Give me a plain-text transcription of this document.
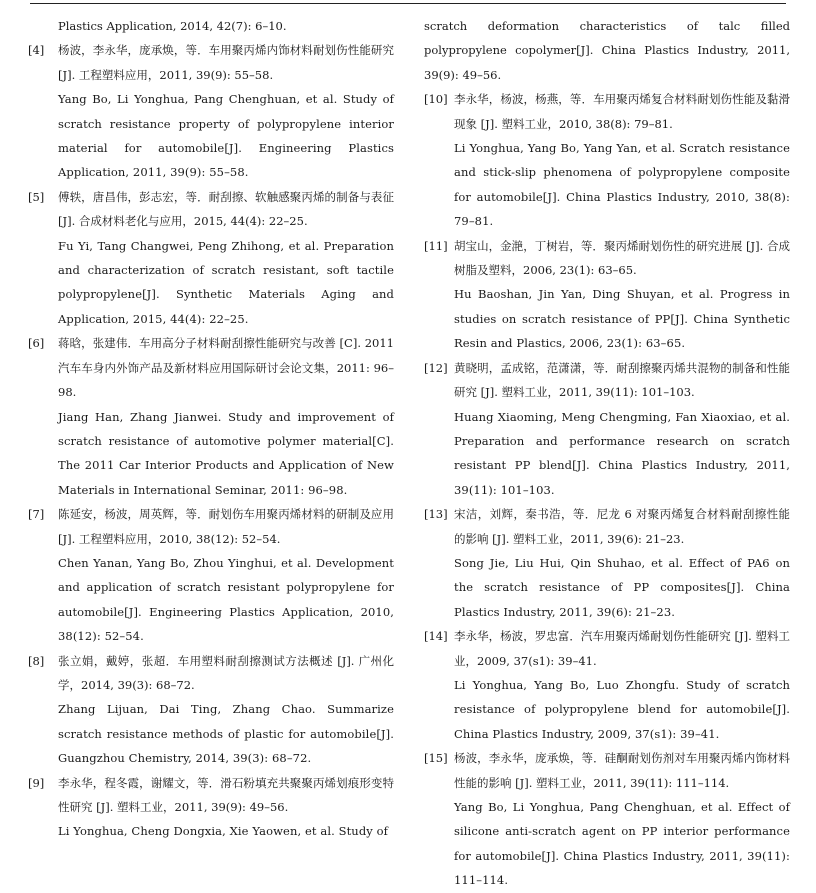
Plastics Application, 2014, 42(7): 6–10.

[4]	杨波，李永华，庞承焕，等．车用聚丙烯内饰材料耐划伤性能研究 [J]. 工程塑料应用，2011, 39(9): 55–58.
Yang Bo, Li Yonghua, Pang Chenghuan, et al. Study of scratch resistance property of polypropylene interior material for automobile[J]. Engineering Plastics Application, 2011, 39(9): 55–58.
[5]	傅轶，唐昌伟，彭志宏，等．耐刮擦、软触感聚丙烯的制备与表征 [J]. 合成材料老化与应用，2015, 44(4): 22–25.
Fu Yi, Tang Changwei, Peng Zhihong, et al. Preparation and characterization of scratch resistant, soft tactile polypropylene[J]. Synthetic Materials Aging and Application, 2015, 44(4): 22–25.
[6]	蒋晗，张建伟．车用高分子材料耐刮擦性能研究与改善 [C]. 2011 汽车车身内外饰产品及新材料应用国际研讨会论文集，2011: 96–98.
Jiang Han, Zhang Jianwei. Study and improvement of scratch resistance of automotive polymer material[C]. The 2011 Car Interior Products and Application of New Materials in International Seminar, 2011: 96–98.
[7]	陈延安，杨波，周英辉，等．耐划伤车用聚丙烯材料的研制及应用 [J]. 工程塑料应用，2010, 38(12): 52–54.
Chen Yanan, Yang Bo, Zhou Yinghui, et al. Development and application of scratch resistant polypropylene for automobile[J]. Engineering Plastics Application, 2010, 38(12): 52–54.
[8]	张立娟，戴婷，张超．车用塑料耐刮擦测试方法概述 [J]. 广州化学，2014, 39(3): 68–72.
Zhang Lijuan, Dai Ting, Zhang Chao. Summarize scratch resistance methods of plastic for automobile[J]. Guangzhou Chemistry, 2014, 39(3): 68–72.
[9]	李永华，程冬霞，谢耀文，等．滑石粉填充共聚聚丙烯划痕形变特性研究 [J]. 塑料工业，2011, 39(9): 49–56.
Li Yonghua, Cheng Dongxia, Xie Yaowen, et al. Study of

scratch deformation characteristics of talc filled polypropylene copolymer[J]. China Plastics Industry, 2011, 39(9): 49–56.

[10] 李永华，杨波，杨燕，等．车用聚丙烯复合材料耐划伤性能及黏滑现象 [J]. 塑料工业，2010, 38(8): 79–81.
Li Yonghua, Yang Bo, Yang Yan, et al. Scratch resistance and stick-slip phenomena of polypropylene composite for automobile[J]. China Plastics Industry, 2010, 38(8): 79–81.
[11] 胡宝山，金滟，丁树岩，等．聚丙烯耐划伤性的研究进展 [J]. 合成树脂及塑料，2006, 23(1): 63–65.
Hu Baoshan, Jin Yan, Ding Shuyan, et al. Progress in studies on scratch resistance of PP[J]. China Synthetic Resin and Plastics, 2006, 23(1): 63–65.
[12] 黄晓明，孟成铭，范潇潇，等．耐刮擦聚丙烯共混物的制备和性能研究 [J]. 塑料工业，2011, 39(11): 101–103.
Huang Xiaoming, Meng Chengming, Fan Xiaoxiao, et al. Preparation and performance research on scratch resistant PP blend[J]. China Plastics Industry, 2011, 39(11): 101–103.
[13] 宋洁，刘辉，秦书浩，等．尼龙 6 对聚丙烯复合材料耐刮擦性能的影响 [J]. 塑料工业，2011, 39(6): 21–23.
Song Jie, Liu Hui, Qin Shuhao, et al. Effect of PA6 on the scratch resistance of PP composites[J]. China Plastics Industry, 2011, 39(6): 21–23.
[14] 李永华，杨波，罗忠富．汽车用聚丙烯耐划伤性能研究 [J]. 塑料工业，2009, 37(s1): 39–41.
Li Yonghua, Yang Bo, Luo Zhongfu. Study of scratch resistance of polypropylene blend for automobile[J]. China Plastics Industry, 2009, 37(s1): 39–41.
[15] 杨波，李永华，庞承焕，等．硅酮耐划伤剂对车用聚丙烯内饰材料性能的影响 [J]. 塑料工业，2011, 39(11): 111–114.
Yang Bo, Li Yonghua, Pang Chenghuan, et al. Effect of silicone anti-scratch agent on PP interior performance for automobile[J]. China Plastics Industry, 2011, 39(11): 111–114.
